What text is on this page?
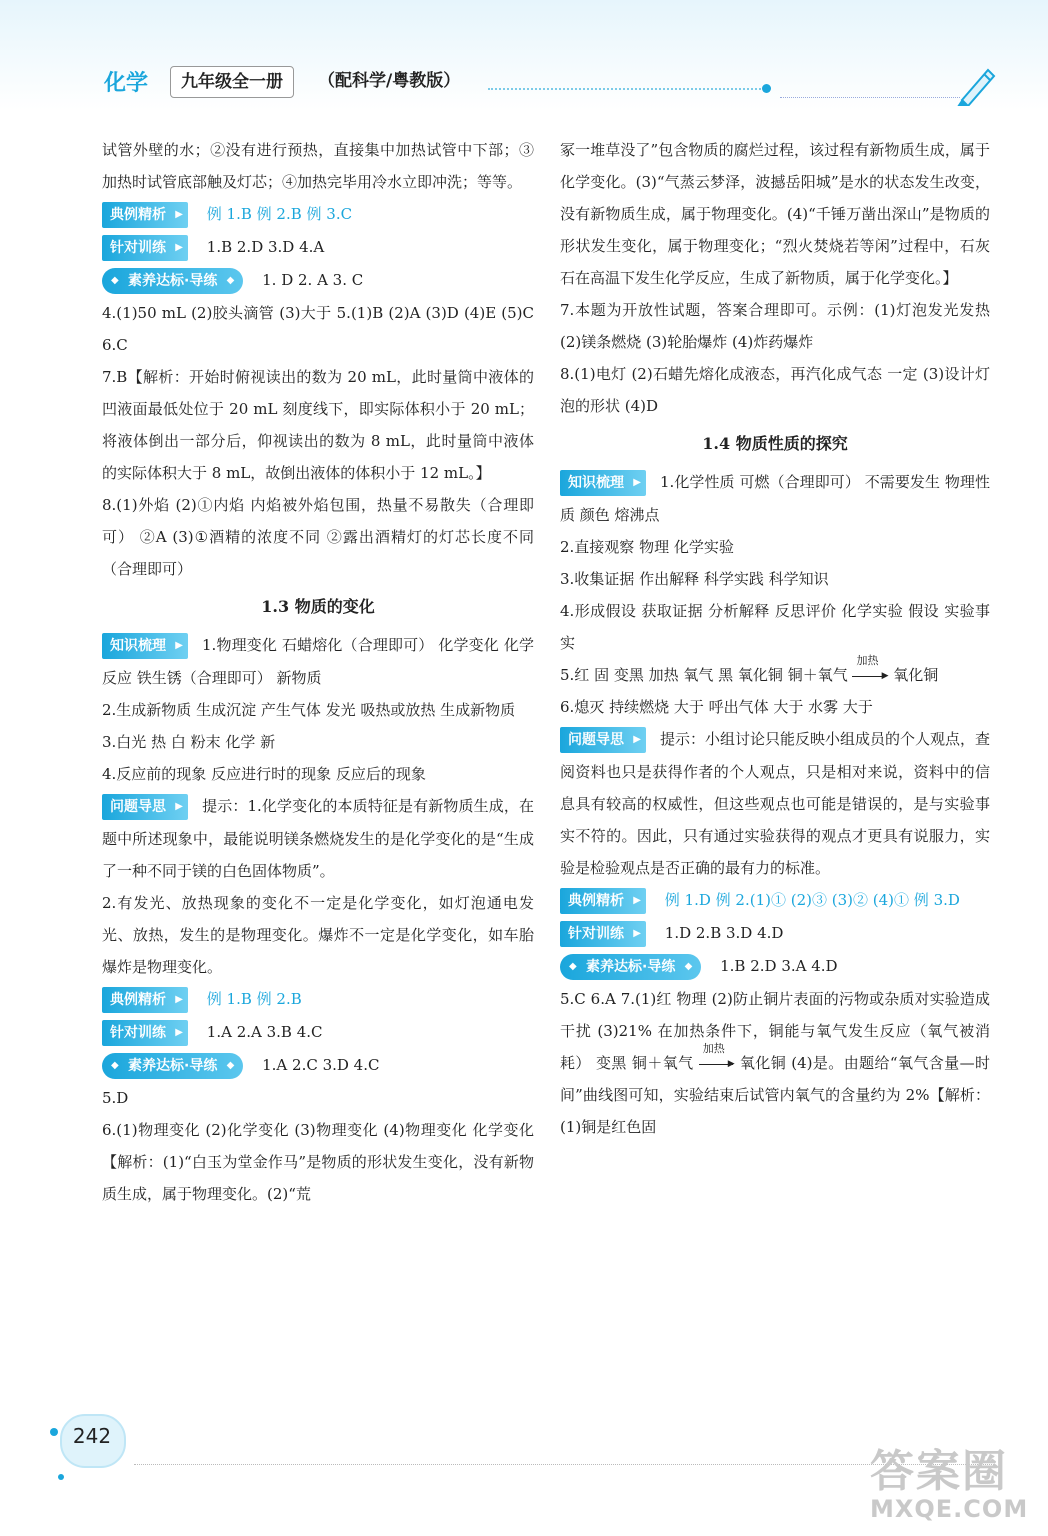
化学	九年级全一册	（配科学/粤教版）

试管外壁的水；②没有进行预热，直接集中加热试管中下部；③加热时试管底部触及灯芯；④加热完毕用冷水立即冲洗；等等。

典例精析 ▶	例 1.B 例 2.B 例 3.C

针对训练 ▶	1.B 2.D 3.D 4.A

◆ 素养达标·导练 ◆	1. D 2. A 3. C

4.(1)50 mL (2)胶头滴管 (3)大于 5.(1)B (2)A (3)D (4)E (5)C 6.C

7.B【解析：开始时俯视读出的数为 20 mL，此时量筒中液体的凹液面最低处位于 20 mL 刻度线下，即实际体积小于 20 mL；将液体倒出一部分后，仰视读出的数为 8 mL，此时量筒中液体的实际体积大于 8 mL，故倒出液体的体积小于 12 mL。】

8.(1)外焰 (2)①内焰 内焰被外焰包围，热量不易散失（合理即可） ②A (3)①酒精的浓度不同 ②露出酒精灯的灯芯长度不同（合理即可）

1.3 物质的变化

知识梳理 ▶ 1.物理变化 石蜡熔化（合理即可） 化学变化 化学反应 铁生锈（合理即可） 新物质

2.生成新物质 生成沉淀 产生气体 发光 吸热或放热 生成新物质

3.白光 热 白 粉末 化学 新

4.反应前的现象 反应进行时的现象 反应后的现象

问题导思 ▶ 提示：1.化学变化的本质特征是有新物质生成，在题中所述现象中，最能说明镁条燃烧发生的是化学变化的是“生成了一种不同于镁的白色固体物质”。

2.有发光、放热现象的变化不一定是化学变化，如灯泡通电发光、放热，发生的是物理变化。爆炸不一定是化学变化，如车胎爆炸是物理变化。

典例精析 ▶	例 1.B 例 2.B

针对训练 ▶	1.A 2.A 3.B 4.C

◆ 素养达标·导练 ◆	1.A 2.C 3.D 4.C

5.D

6.(1)物理变化 (2)化学变化 (3)物理变化 (4)物理变化 化学变化【解析：(1)“白玉为堂金作马”是物质的形状发生变化，没有新物质生成，属于物理变化。(2)“荒

冢一堆草没了”包含物质的腐烂过程，该过程有新物质生成，属于化学变化。(3)“气蒸云梦泽，波撼岳阳城”是水的状态发生改变，没有新物质生成，属于物理变化。(4)“千锤万凿出深山”是物质的形状发生变化，属于物理变化；“烈火焚烧若等闲”过程中，石灰石在高温下发生化学反应，生成了新物质，属于化学变化。】

7.本题为开放性试题，答案合理即可。示例：(1)灯泡发光发热 (2)镁条燃烧 (3)轮胎爆炸 (4)炸药爆炸

8.(1)电灯 (2)石蜡先熔化成液态，再汽化成气态 一定 (3)设计灯泡的形状 (4)D

1.4 物质性质的探究

知识梳理 ▶ 1.化学性质 可燃（合理即可） 不需要发生 物理性质 颜色 熔沸点

2.直接观察 物理 化学实验

3.收集证据 作出解释 科学实践 科学知识

4.形成假设 获取证据 分析解释 反思评价 化学实验 假设 实验事实

5.红 固 变黑 加热 氧气 黑 氧化铜 铜＋氧气
加热
▶ 氧化铜

6.熄灭 持续燃烧 大于 呼出气体 大于 水雾 大于

问题导思 ▶ 提示：小组讨论只能反映小组成员的个人观点，查阅资料也只是获得作者的个人观点，只是相对来说，资料中的信息具有较高的权威性，但这些观点也可能是错误的，是与实验事实不符的。因此，只有通过实验获得的观点才更具有说服力，实验是检验观点是否正确的最有力的标准。

典例精析 ▶	例 1.D 例 2.(1)① (2)③ (3)② (4)① 例 3.D

针对训练 ▶	1.D 2.B 3.D 4.D

◆ 素养达标·导练 ◆	1.B 2.D 3.A 4.D

5.C 6.A 7.(1)红 物理 (2)防止铜片表面的污物或杂质对实验造成干扰 (3)21% 在加热条件下，铜能与氧气发生反应（氧气被消耗） 变黑 铜＋氧气
加热
▶ 氧化铜 (4)是。由题给“氧气含量—时间”曲线图可知，实验结束后试管内氧气的含量约为 2%【解析：(1)铜是红色固

242
答案圈
MXQE.COM
